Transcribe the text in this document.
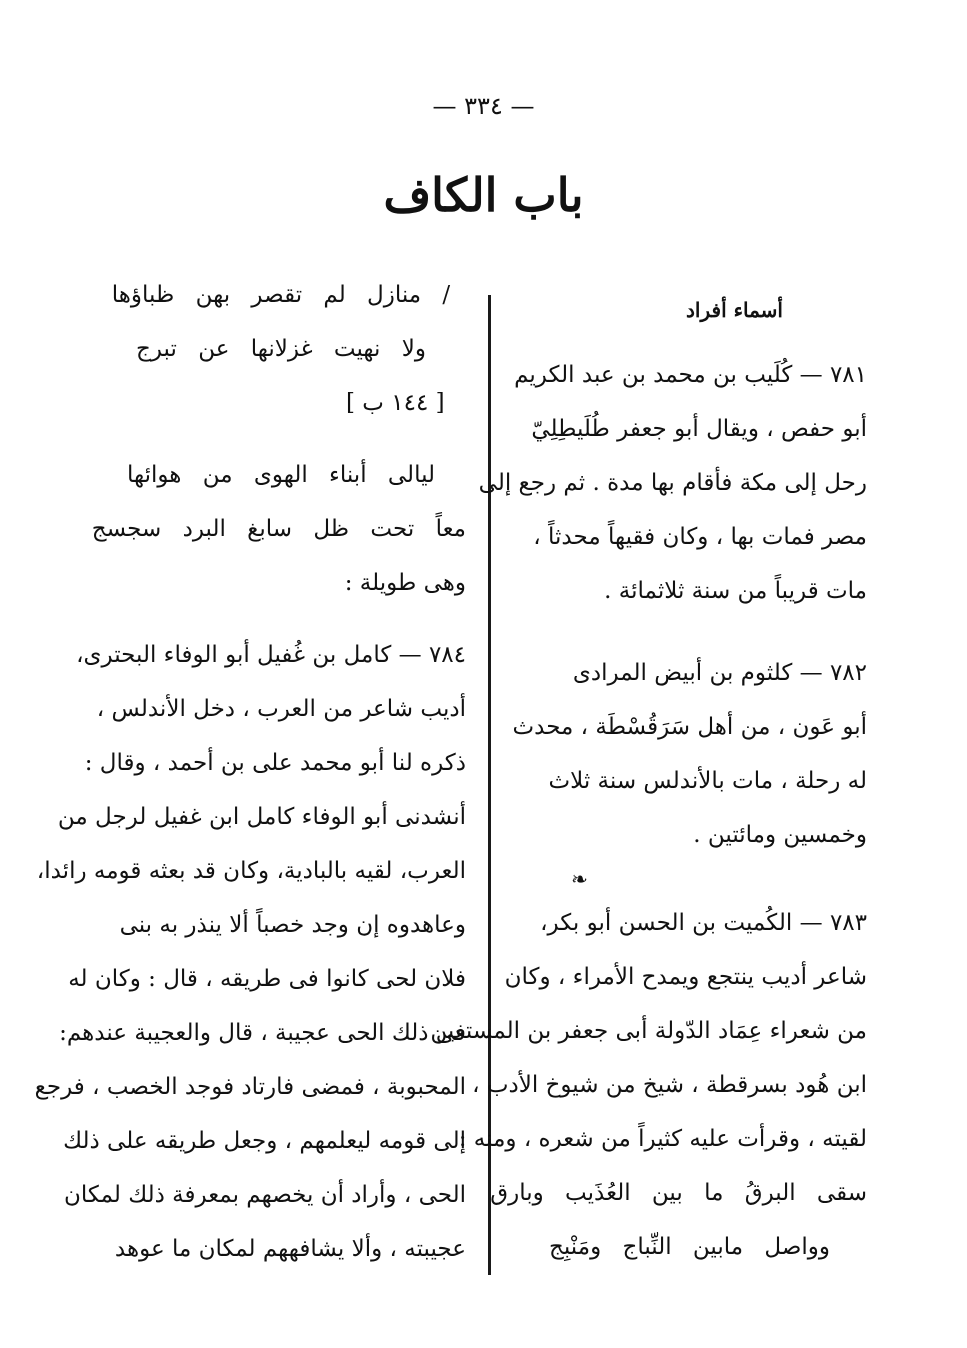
— ٣٣٤ —
باب الكاف
أسماء أفراد
٧٨١ — كُلَيب بن محمد بن عبد الكريم
أبو حفص ، ويقال أبو جعفر طُلَيطِلِيّ
رحل إلى مكة فأقام بها مدة . ثم رجع إلى
مصر فمات بها ، وكان فقيهاً محدثاً ،
مات قريباً من سنة ثلاثمائة .
٧٨٢ — كلثوم بن أبيض المرادى
أبو عَون ، من أهل سَرَقُسْطَة ، محدث
له رحلة ، مات بالأندلس سنة ثلاث
وخمسين ومائتين .
❧
٧٨٣ — الكُميت بن الحسن أبو بكر،
شاعر أديب ينتجع ويمدح الأمراء ، وكان
من شعراء عِمَاد الدّولة أبى جعفر بن المستعين
ابن هُود بسرقطة ، شيخ من شيوخ الأدب ،
لقيته ، وقرأت عليه كثيراً من شعره ، ومنه :
سقى البرقُ ما بين العُذَيب وبارق
وواصل مابين النِّباج ومَنْبِج
/ منازل لم تقصر بهن ظباؤها
ولا نهيت غزلانها عن تبرج
[ ١٤٤ ب ]
ليالى أبناء الهوى من هوائها
معاً تحت ظل سابغ البرد سجسج
وهى طويلة :
٧٨٤ — كامل بن غُفيل أبو الوفاء البحترى،
أديب شاعر من العرب ، دخل الأندلس ،
ذكره لنا أبو محمد على بن أحمد ، وقال :
أنشدنى أبو الوفاء كامل ابن غفيل لرجل من
العرب، لقيه بالبادية، وكان قد بعثه قومه رائدا،
وعاهدوه إن وجد خصباً ألا ينذر به بنى
فلان لحى كانوا فى طريقه ، قال : وكان له
فى ذلك الحى عجيبة ، قال والعجيبة عندهم:
المحبوبة ، فمضى فارتاد فوجد الخصب ، فرجع
إلى قومه ليعلمهم ، وجعل طريقه على ذلك
الحى ، وأراد أن يخصهم بمعرفة ذلك لمكان
عجيبته ، وألا يشافههم لمكان ما عوهد
